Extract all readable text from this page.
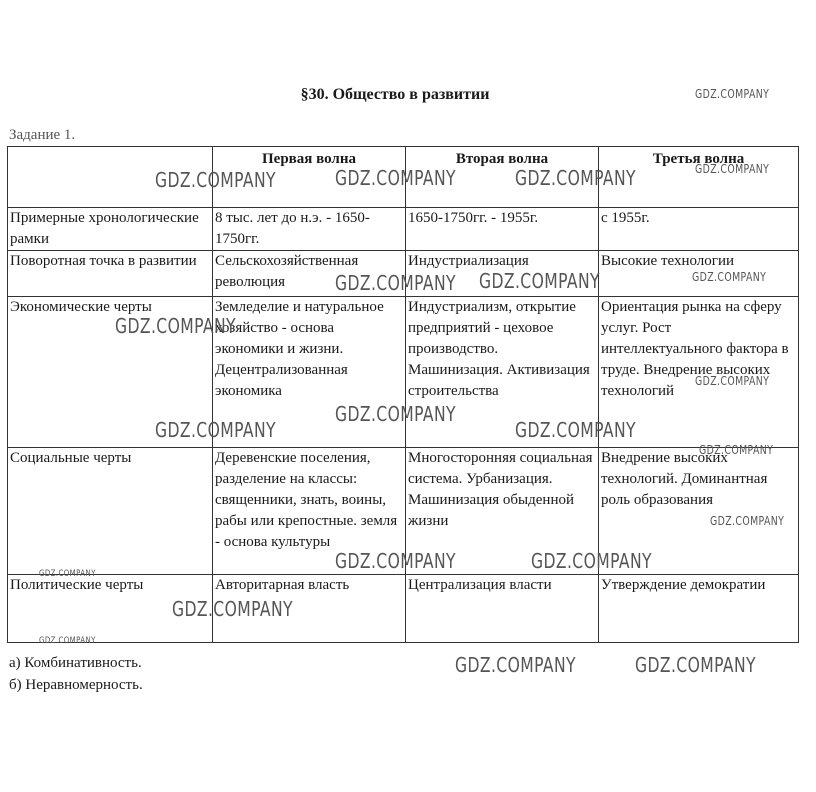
§30. Общество в развитии
Задание 1.
	Первая волна	Вторая волна	Третья волна
Примерные хронологические рамки	8 тыс. лет до н.э. - 1650-1750гг.	1650-1750гг. - 1955г.	с 1955г.
Поворотная точка в развитии	Сельскохозяйственная революция	Индустриализация	Высокие технологии
Экономические черты	Земледелие и натуральное хозяйство - основа экономики и жизни. Децентрализованная экономика	Индустриализм, открытие предприятий - цеховое производство. Машинизация. Активизация строительства	Ориентация рынка на сферу услуг. Рост интеллектуального фактора в труде. Внедрение высоких технологий
Социальные черты	Деревенские поселения, разделение на классы: священники, знать, воины, рабы или крепостные. земля - основа культуры	Многосторонняя социальная система. Урбанизация. Машинизация обыденной жизни	Внедрение высоких технологий. Доминантная роль образования
Политические черты	Авторитарная власть	Централизация власти	Утверждение демократии
а) Комбинативность.
б) Неравномерность.
GDZ.COMPANY
GDZ.COMPANY	GDZ.COMPANY	GDZ.COMPANY	GDZ.COMPANY
GDZ.COMPANY GDZ.COMPANY	GDZ.COMPANY
GDZ.COMPANY
GDZ.COMPANY
GDZ.COMPANY
GDZ.COMPANY	GDZ.COMPANY
GDZ.COMPANY
GDZ.COMPANY
GDZ.COMPANY	GDZ.COMPANY
GDZ.COMPANY
GDZ.COMPANY
GDZ.COMPANY
GDZ.COMPANY	GDZ.COMPANY
